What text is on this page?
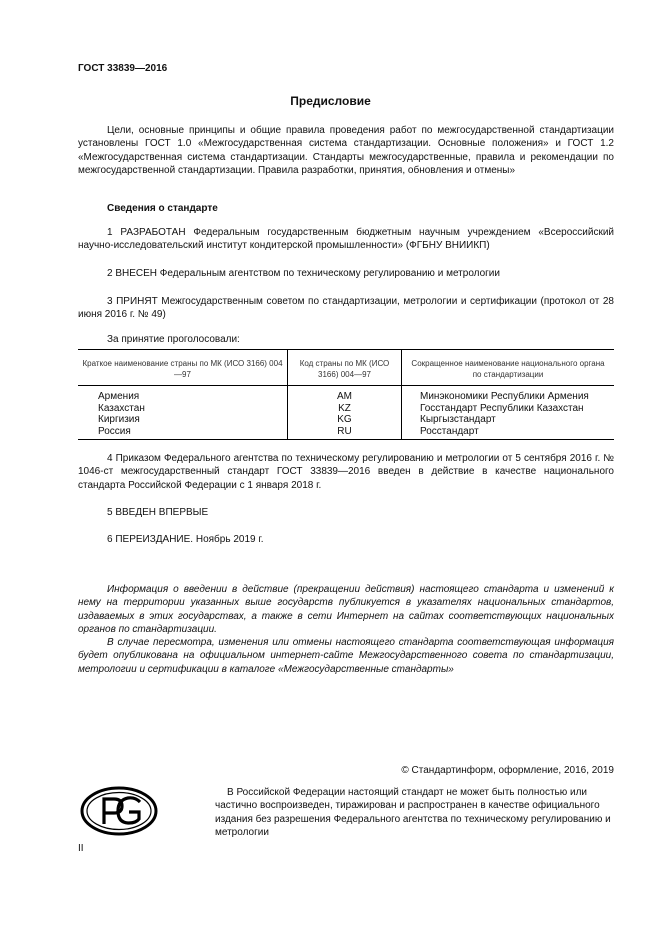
ГОСТ 33839—2016
Предисловие
Цели, основные принципы и общие правила проведения работ по межгосударственной стандартизации установлены ГОСТ 1.0 «Межгосударственная система стандартизации. Основные положения» и ГОСТ 1.2 «Межгосударственная система стандартизации. Стандарты межгосударственные, правила и рекомендации по межгосударственной стандартизации. Правила разработки, принятия, обновления и отмены»
Сведения о стандарте
1 РАЗРАБОТАН Федеральным государственным бюджетным научным учреждением «Всероссийский научно-исследовательский институт кондитерской промышленности» (ФГБНУ ВНИИКП)
2 ВНЕСЕН Федеральным агентством по техническому регулированию и метрологии
3 ПРИНЯТ Межгосударственным советом по стандартизации, метрологии и сертификации (протокол от 28 июня 2016 г. № 49)
За принятие проголосовали:
Краткое наименование страны по МК (ИСО 3166) 004—97	Код страны по МК (ИСО 3166) 004—97	Сокращенное наименование национального органа по стандартизации
Армения	AM	Минэкономики Республики Армения
Казахстан	KZ	Госстандарт Республики Казахстан
Киргизия	KG	Кыргызстандарт
Россия	RU	Росстандарт
4 Приказом Федерального агентства по техническому регулированию и метрологии от 5 сентября 2016 г. № 1046-ст межгосударственный стандарт ГОСТ 33839—2016 введен в действие в качестве национального стандарта Российской Федерации с 1 января 2018 г.
5 ВВЕДЕН ВПЕРВЫЕ
6 ПЕРЕИЗДАНИЕ. Ноябрь 2019 г.

Информация о введении в действие (прекращении действия) настоящего стандарта и изменений к нему на территории указанных выше государств публикуется в указателях национальных стандартов, издаваемых в этих государствах, а также в сети Интернет на сайтах соответствующих национальных органов по стандартизации.

В случае пересмотра, изменения или отмены настоящего стандарта соответствующая информация будет опубликована на официальном интернет-сайте Межгосударственного совета по стандартизации, метрологии и сертификации в каталоге «Межгосударственные стандарты»

© Стандартинформ, оформление, 2016, 2019

В Российской Федерации настоящий стандарт не может быть полностью или частично воспроизведен, тиражирован и распространен в качестве официального издания без разрешения Федерального агентства по техническому регулированию и метрологии

II
